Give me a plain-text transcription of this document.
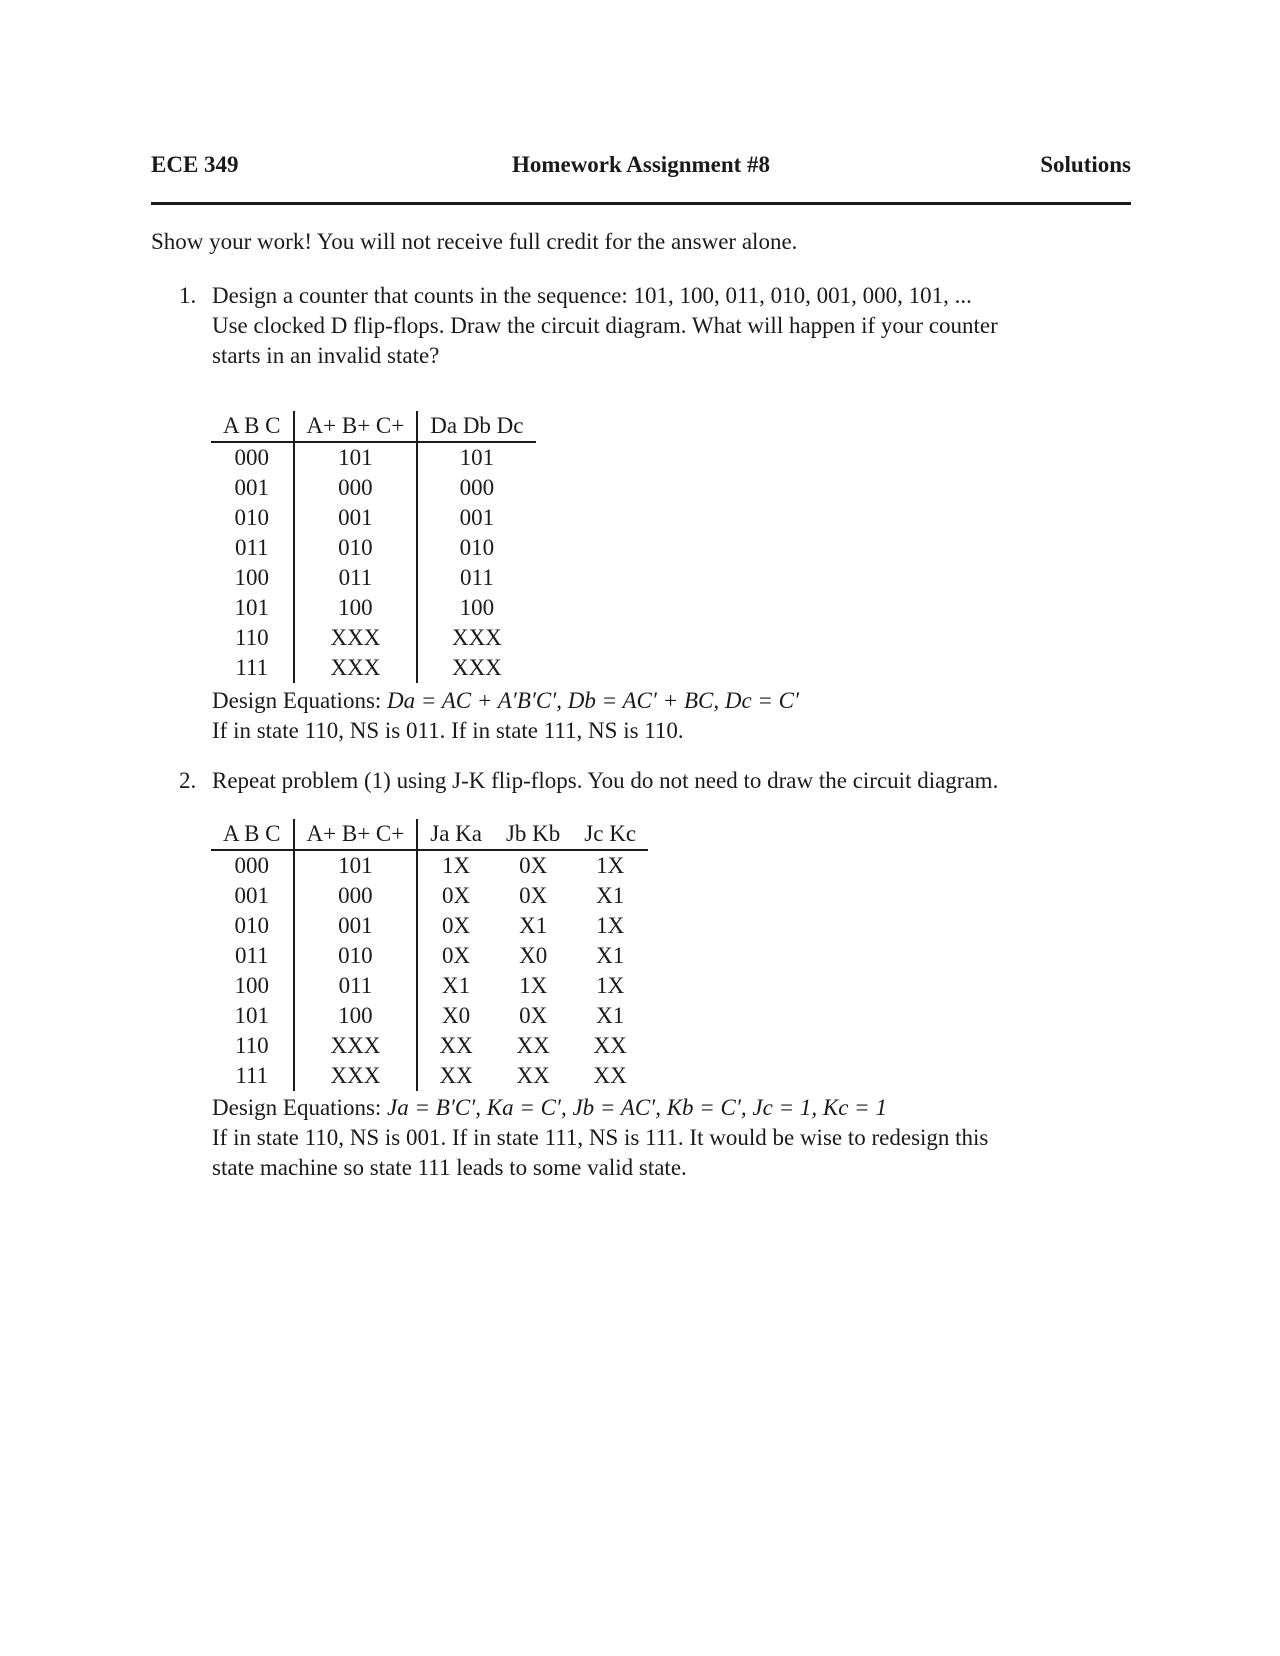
ECE 349	Homework Assignment #8	Solutions
Show your work! You will not receive full credit for the answer alone.
1. Design a counter that counts in the sequence: 101, 100, 011, 010, 001, 000, 101, ...
Use clocked D flip-flops. Draw the circuit diagram. What will happen if your counter
starts in an invalid state?
A B C	A+ B+ C+	Da Db Dc
000	101	101
001	000	000
010	001	001
011	010	010
100	011	011
101	100	100
110	XXX	XXX
111	XXX	XXX
Design Equations: Da = AC + A′B′C′, Db = AC′ + BC, Dc = C′
If in state 110, NS is 011. If in state 111, NS is 110.
2. Repeat problem (1) using J-K flip-flops. You do not need to draw the circuit diagram.
A B C	A+ B+ C+	Ja Ka	Jb Kb	Jc Kc
000	101	1X	0X	1X
001	000	0X	0X	X1
010	001	0X	X1	1X
011	010	0X	X0	X1
100	011	X1	1X	1X
101	100	X0	0X	X1
110	XXX	XX	XX	XX
111	XXX	XX	XX	XX
Design Equations: Ja = B′C′, Ka = C′, Jb = AC′, Kb = C′, Jc = 1, Kc = 1
If in state 110, NS is 001. If in state 111, NS is 111. It would be wise to redesign this
state machine so state 111 leads to some valid state.
